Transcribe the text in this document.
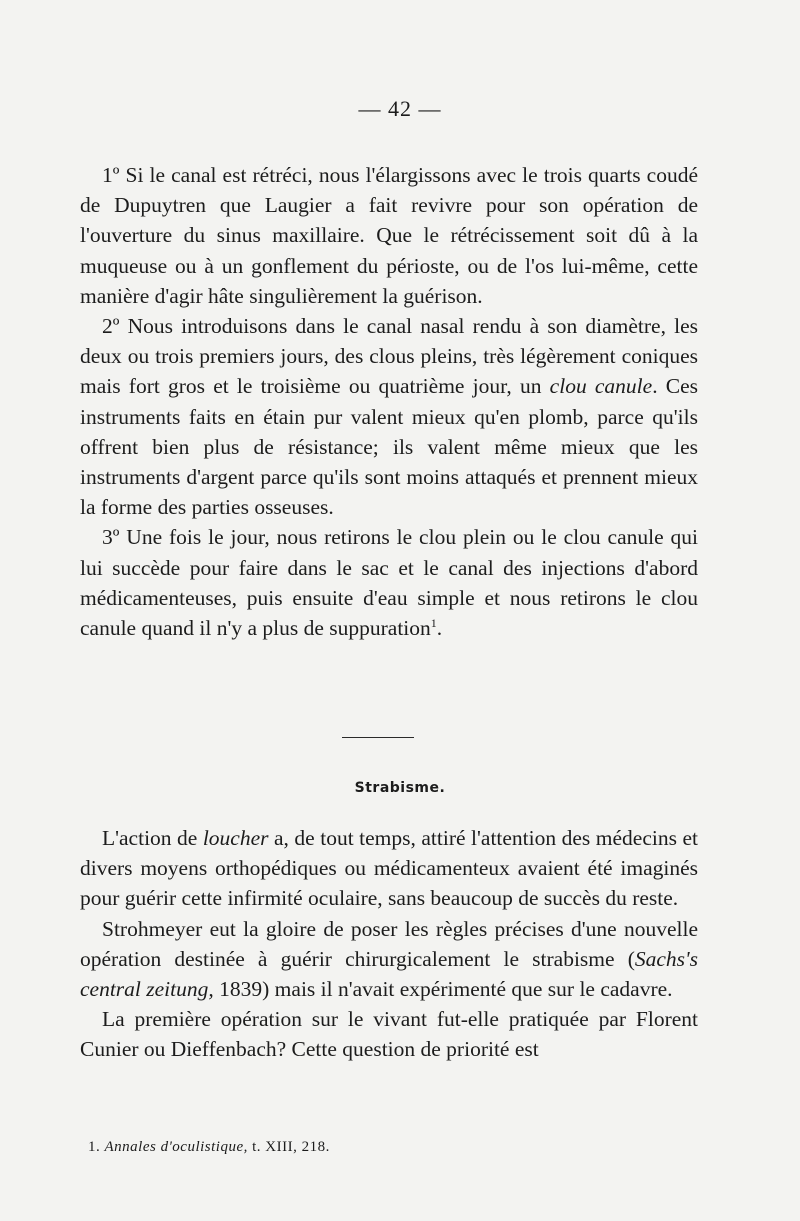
— 42 —

1º Si le canal est rétréci, nous l'élargissons avec le trois quarts coudé de Dupuytren que Laugier a fait revivre pour son opération de l'ouverture du sinus maxillaire. Que le rétrécissement soit dû à la muqueuse ou à un gonflement du périoste, ou de l'os lui-même, cette manière d'agir hâte singulièrement la guérison.

2º Nous introduisons dans le canal nasal rendu à son diamètre, les deux ou trois premiers jours, des clous pleins, très légèrement coniques mais fort gros et le troisième ou quatrième jour, un clou canule. Ces instruments faits en étain pur valent mieux qu'en plomb, parce qu'ils offrent bien plus de résistance; ils valent même mieux que les instruments d'argent parce qu'ils sont moins attaqués et prennent mieux la forme des parties osseuses.

3º Une fois le jour, nous retirons le clou plein ou le clou canule qui lui succède pour faire dans le sac et le canal des injections d'abord médicamenteuses, puis ensuite d'eau simple et nous retirons le clou canule quand il n'y a plus de suppuration$^1$.

Strabisme.

L'action de loucher a, de tout temps, attiré l'attention des médecins et divers moyens orthopédiques ou médicamenteux avaient été imaginés pour guérir cette infirmité oculaire, sans beaucoup de succès du reste.

Strohmeyer eut la gloire de poser les règles précises d'une nouvelle opération destinée à guérir chirurgicalement le strabisme (Sachs's central zeitung, 1839) mais il n'avait expérimenté que sur le cadavre.

La première opération sur le vivant fut-elle pratiquée par Florent Cunier ou Dieffenbach? Cette question de priorité est

1. Annales d'oculistique, t. XIII, 218.
